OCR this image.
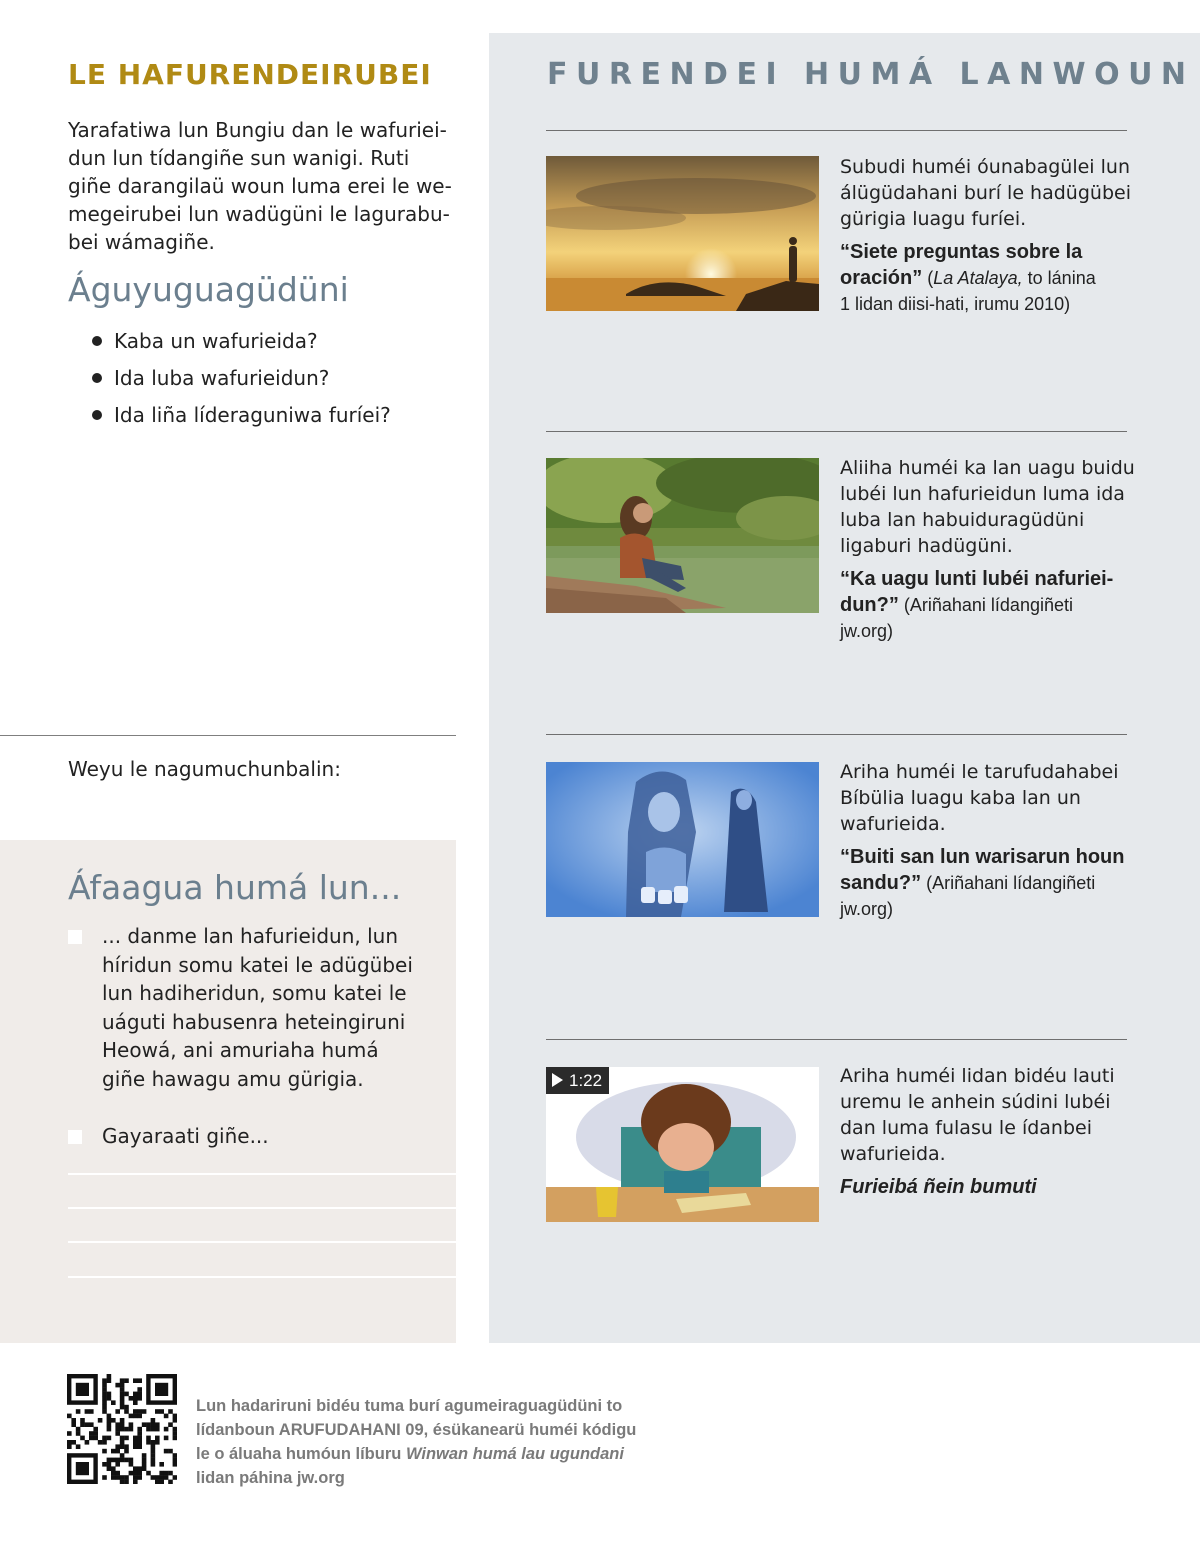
LE HAFURENDEIRUBEI
Yarafatiwa lun Bungiu dan le wafuriei-
dun lun tídangiñe sun wanigi. Ruti
giñe darangilaü woun luma erei le we-
megeirubei lun wadügüni le lagurabu-
bei wámagiñe.
Águyuguagüdüni
Kaba un wafurieida?
Ida luba wafurieidun?
Ida liña líderaguniwa furíei?
Weyu le nagumuchunbalin:
Áfaagua humá lun...
... danme lan hafurieidun, lun
híridun somu katei le adügübei
lun hadiheridun, somu katei le
uáguti habusenra heteingiruni
Heowá, ani amuriaha humá
giñe hawagu amu gürigia.
Gayaraati giñe...
FURENDEI HUMÁ LANWOUN
Subudi huméi óunabagülei lun
álügüdahani burí le hadügübei
gürigia luagu furíei.
“Siete preguntas sobre la
oración” (La Atalaya, to lánina
1 lidan diisi-hati, irumu 2010)
Aliiha huméi ka lan uagu buidu
lubéi lun hafurieidun luma ida
luba lan habuiduragüdüni
ligaburi hadügüni.
“Ka uagu lunti lubéi nafuriei-
dun?” (Ariñahani lídangiñeti
jw.org)
Ariha huméi le tarufudahabei
Bíbülia luagu kaba lan un
wafurieida.
“Buiti san lun warisarun houn
sandu?” (Ariñahani lídangiñeti
jw.org)
1:22	Ariha huméi lidan bidéu lauti
uremu le anhein súdini lubéi
dan luma fulasu le ídanbei
wafurieida.
Furieibá ñein bumuti
Lun hadariruni bidéu tuma burí agumeiraguagüdüni to
lídanboun ARUFUDAHANI 09, ésükanearü huméi kódigu
le o áluaha humóun líburu Winwan humá lau ugundani
lidan páhina jw.org
